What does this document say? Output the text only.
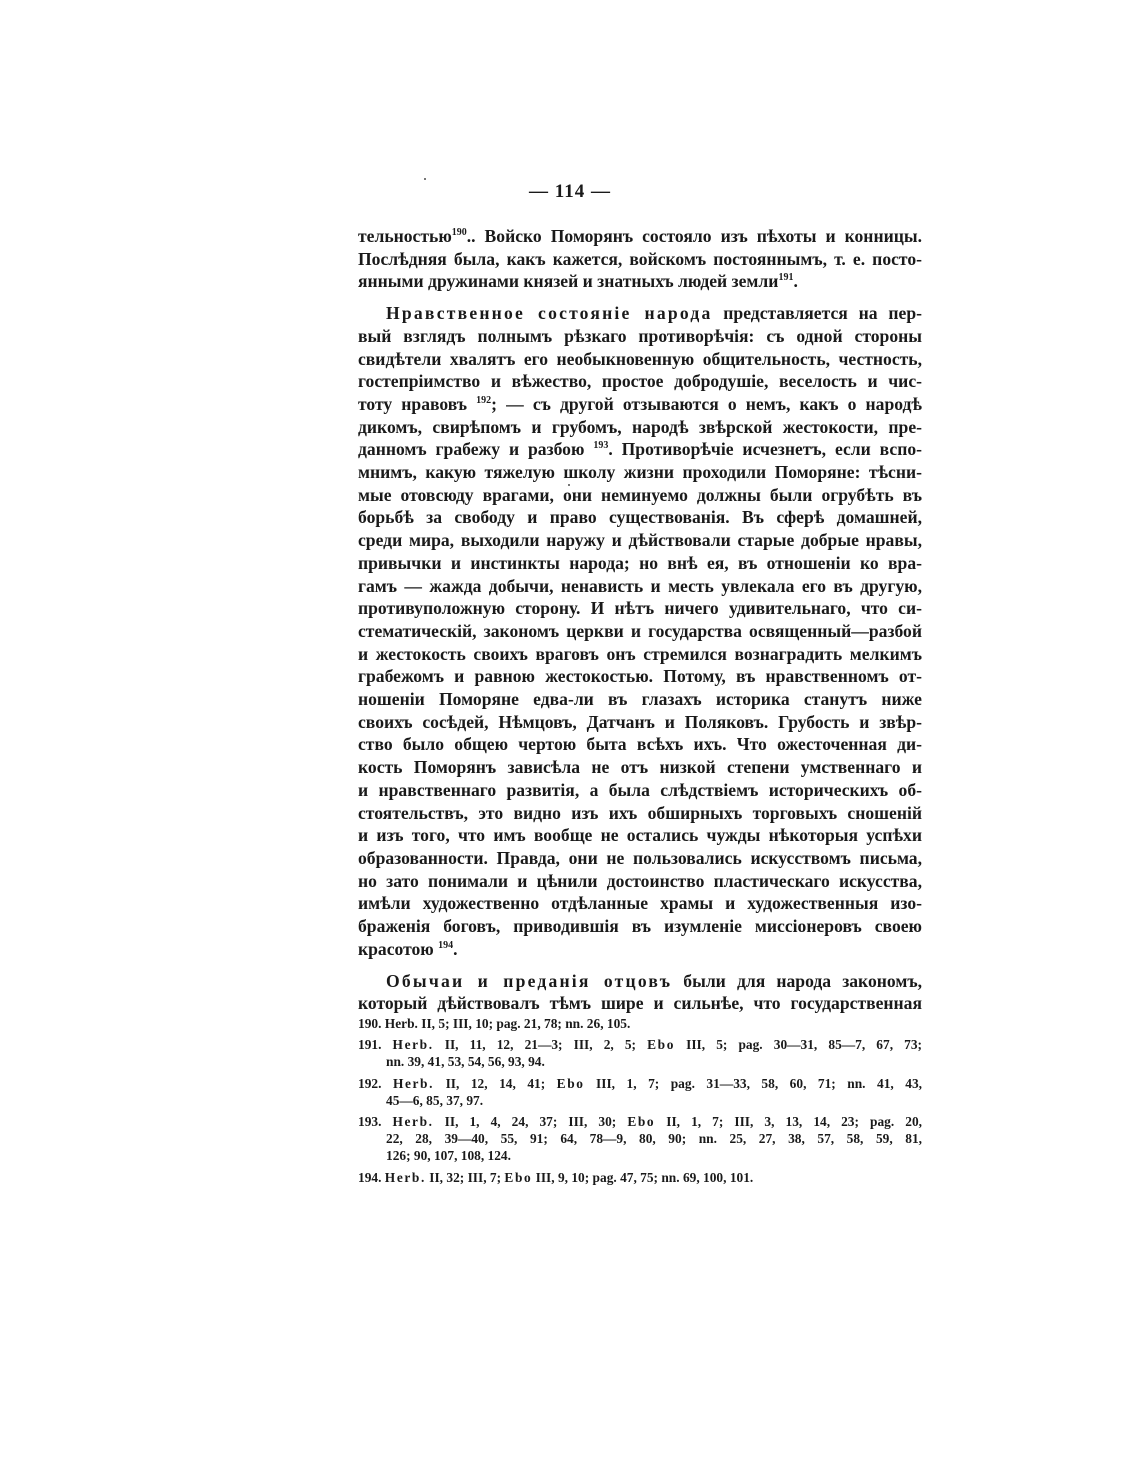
— 114 —
тельностью$^{190}$.. Войско Поморянъ состояло изъ пѣхоты и конницы.
Послѣдняя была, какъ кажется, войскомъ постояннымъ, т. е. посто-
янными дружинами князей и знатныхъ людей земли$^{191}$.
Нравственное состояніе народа представляется на пер-
вый взглядъ полнымъ рѣзкаго противорѣчія: съ одной стороны
свидѣтели хвалятъ его необыкновенную общительность, честность,
гостепріимство и вѣжество, простое добродушіе, веселость и чис-
тоту нравовъ $^{192}$; — съ другой отзываются о немъ, какъ о народѣ
дикомъ, свирѣпомъ и грубомъ, народѣ звѣрской жестокости, пре-
данномъ грабежу и разбою $^{193}$. Противорѣчіе исчезнетъ, если вспо-
мнимъ, какую тяжелую школу жизни проходили Поморяне: тѣсни-
мые отовсюду врагами, они неминуемо должны были огрубѣть въ
борьбѣ за свободу и право существованія. Въ сферѣ домашней,
среди мира, выходили наружу и дѣйствовали старые добрые нравы,
привычки и инстинкты народа; но внѣ ея, въ отношеніи ко вра-
гамъ — жажда добычи, ненависть и месть увлекала его въ другую,
противуположную сторону. И нѣтъ ничего удивительнаго, что си-
стематическій, закономъ церкви и государства освященный—разбой
и жестокость своихъ враговъ онъ стремился вознаградить мелкимъ
грабежомъ и равною жестокостью. Потому, въ нравственномъ от-
ношеніи Поморяне едва-ли въ глазахъ историка станутъ ниже
своихъ сосѣдей, Нѣмцовъ, Датчанъ и Поляковъ. Грубость и звѣр-
ство было общею чертою быта всѣхъ ихъ. Что ожесточенная ди-
кость Поморянъ зависѣла не отъ низкой степени умственнаго и
и нравственнаго развитія, а была слѣдствіемъ историческихъ об-
стоятельствъ, это видно изъ ихъ обширныхъ торговыхъ сношеній
и изъ того, что имъ вообще не остались чужды нѣкоторыя успѣхи
образованности. Правда, они не пользовались искусствомъ письма,
но зато понимали и цѣнили достоинство пластическаго искусства,
имѣли художественно отдѣланные храмы и художественныя изо-
браженія боговъ, приводившія въ изумленіе миссіонеровъ своею
красотою $^{194}$.
Обычаи и преданія отцовъ были для народа закономъ,
который дѣйствовалъ тѣмъ шире и сильнѣе, что государственная
190. Herb. II, 5; III, 10; pag. 21, 78; nn. 26, 105.
191. Herb. II, 11, 12, 21—3; III, 2, 5; Ebo III, 5; pag. 30—31, 85—7, 67, 73;
nn. 39, 41, 53, 54, 56, 93, 94.
192. Herb. II, 12, 14, 41; Ebo III, 1, 7; pag. 31—33, 58, 60, 71; nn. 41, 43,
45—6, 85, 37, 97.
193. Herb. II, 1, 4, 24, 37; III, 30; Ebo II, 1, 7; III, 3, 13, 14, 23; pag. 20,
22, 28, 39—40, 55, 91; 64, 78—9, 80, 90; nn. 25, 27, 38, 57, 58, 59, 81,
126; 90, 107, 108, 124.
194. Herb. II, 32; III, 7; Ebo III, 9, 10; pag. 47, 75; nn. 69, 100, 101.
